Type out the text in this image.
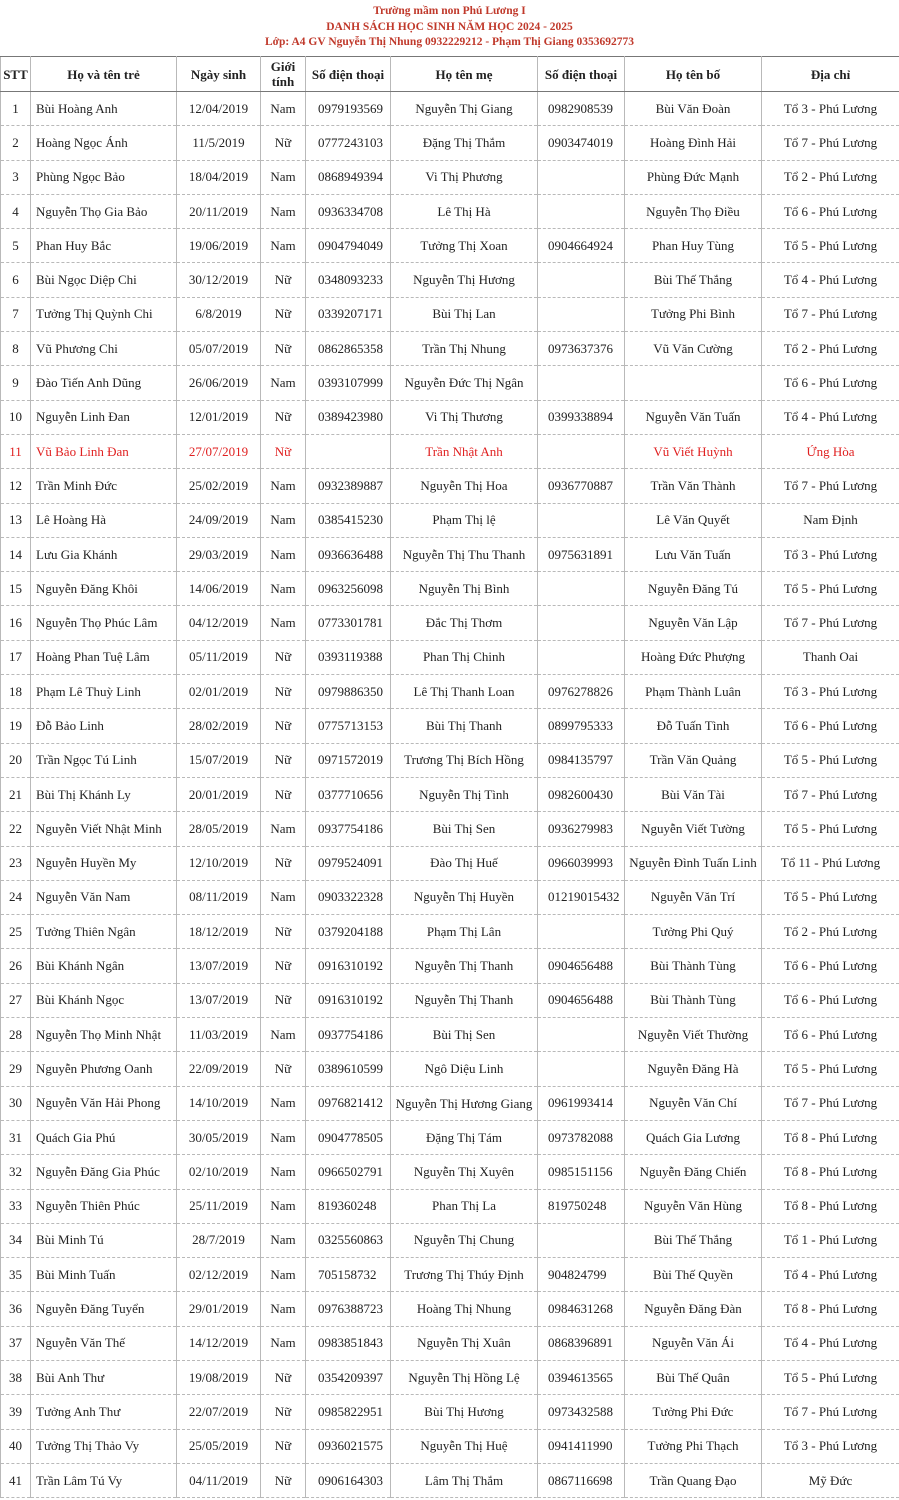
Trường mầm non Phú Lương I
DANH SÁCH HỌC SINH NĂM HỌC 2024 - 2025
Lớp: A4 GV Nguyễn Thị Nhung 0932229212 - Phạm Thị Giang 0353692773
STT	Họ và tên trẻ	Ngày sinh	Giới tính	Số điện thoại	Họ tên mẹ	Số điện thoại	Họ tên bố	Địa chỉ
1	Bùi Hoàng Anh	12/04/2019	Nam	0979193569	Nguyễn Thị Giang	0982908539	Bùi Văn Đoàn	Tổ 3 - Phú Lương
2	Hoàng Ngọc Ánh	11/5/2019	Nữ	0777243103	Đặng Thị Thắm	0903474019	Hoàng Đình Hải	Tổ 7 - Phú Lương
3	Phùng Ngọc Bảo	18/04/2019	Nam	0868949394	Vi Thị Phương		Phùng Đức Mạnh	Tổ 2 - Phú Lương
4	Nguyễn Thọ Gia Bảo	20/11/2019	Nam	0936334708	Lê Thị Hà		Nguyễn Thọ Điều	Tổ 6 - Phú Lương
5	Phan Huy Bắc	19/06/2019	Nam	0904794049	Tưởng Thị Xoan	0904664924	Phan Huy Tùng	Tổ 5 - Phú Lương
6	Bùi Ngọc Diệp Chi	30/12/2019	Nữ	0348093233	Nguyễn Thị Hương		Bùi Thế Thắng	Tổ 4 - Phú Lương
7	Tưởng Thị Quỳnh Chi	6/8/2019	Nữ	0339207171	Bùi Thị Lan		Tưởng Phi Bình	Tổ 7 - Phú Lương
8	Vũ Phương Chi	05/07/2019	Nữ	0862865358	Trần Thị Nhung	0973637376	Vũ Văn Cường	Tổ 2 - Phú Lương
9	Đào Tiến Anh Dũng	26/06/2019	Nam	0393107999	Nguyễn Đức Thị Ngân			Tổ 6 - Phú Lương
10	Nguyễn Linh Đan	12/01/2019	Nữ	0389423980	Vi Thị Thương	0399338894	Nguyễn Văn Tuấn	Tổ 4 - Phú Lương
11	Vũ Bảo Linh Đan	27/07/2019	Nữ		Trần Nhật Anh		Vũ Viết Huỳnh	Ứng Hòa
12	Trần Minh Đức	25/02/2019	Nam	0932389887	Nguyễn Thị Hoa	0936770887	Trần Văn Thành	Tổ 7 - Phú Lương
13	Lê Hoàng Hà	24/09/2019	Nam	0385415230	Phạm Thị lệ		Lê Văn Quyết	Nam Định
14	Lưu Gia Khánh	29/03/2019	Nam	0936636488	Nguyễn Thị Thu Thanh	0975631891	Lưu Văn Tuấn	Tổ 3 - Phú Lương
15	Nguyễn Đăng Khôi	14/06/2019	Nam	0963256098	Nguyễn Thị Bình		Nguyễn Đăng Tú	Tổ 5 - Phú Lương
16	Nguyễn Thọ Phúc Lâm	04/12/2019	Nam	0773301781	Đắc Thị Thơm		Nguyễn Văn Lập	Tổ 7 - Phú Lương
17	Hoàng Phan Tuệ Lâm	05/11/2019	Nữ	0393119388	Phan Thị Chinh		Hoàng Đức Phượng	Thanh Oai
18	Phạm Lê Thuỳ Linh	02/01/2019	Nữ	0979886350	Lê Thị Thanh Loan	0976278826	Phạm Thành Luân	Tổ 3 - Phú Lương
19	Đỗ Bảo Linh	28/02/2019	Nữ	0775713153	Bùi Thị Thanh	0899795333	Đỗ Tuấn Tình	Tổ 6 - Phú Lương
20	Trần Ngọc Tú Linh	15/07/2019	Nữ	0971572019	Trương Thị Bích Hồng	0984135797	Trần Văn Quảng	Tổ 5 - Phú Lương
21	Bùi Thị Khánh Ly	20/01/2019	Nữ	0377710656	Nguyễn Thị Tình	0982600430	Bùi Văn Tài	Tổ 7 - Phú Lương
22	Nguyễn Viết Nhật Minh	28/05/2019	Nam	0937754186	Bùi Thị Sen	0936279983	Nguyễn Viết Tường	Tổ 5 - Phú Lương
23	Nguyễn Huyền My	12/10/2019	Nữ	0979524091	Đào Thị Huế	0966039993	Nguyễn Đình Tuấn Linh	Tổ 11 - Phú Lương
24	Nguyễn Văn Nam	08/11/2019	Nam	0903322328	Nguyễn Thị Huyền	01219015432	Nguyễn Văn Trí	Tổ 5 - Phú Lương
25	Tưởng Thiên Ngân	18/12/2019	Nữ	0379204188	Phạm Thị Lân		Tưởng Phi Quý	Tổ 2 - Phú Lương
26	Bùi Khánh Ngân	13/07/2019	Nữ	0916310192	Nguyễn Thị Thanh	0904656488	Bùi Thành Tùng	Tổ 6 - Phú Lương
27	Bùi Khánh Ngọc	13/07/2019	Nữ	0916310192	Nguyễn Thị Thanh	0904656488	Bùi Thành Tùng	Tổ 6 - Phú Lương
28	Nguyễn Thọ Minh Nhật	11/03/2019	Nam	0937754186	Bùi Thị Sen		Nguyễn Viết Thường	Tổ 6 - Phú Lương
29	Nguyễn Phương Oanh	22/09/2019	Nữ	0389610599	Ngô Diệu Linh		Nguyễn Đăng Hà	Tổ 5 - Phú Lương
30	Nguyễn Văn Hải Phong	14/10/2019	Nam	0976821412	Nguyễn Thị Hương Giang	0961993414	Nguyễn Văn Chí	Tổ 7 - Phú Lương
31	Quách Gia Phú	30/05/2019	Nam	0904778505	Đặng Thị Tám	0973782088	Quách Gia Lương	Tổ 8 - Phú Lương
32	Nguyễn Đăng Gia Phúc	02/10/2019	Nam	0966502791	Nguyễn Thị Xuyên	0985151156	Nguyễn Đăng Chiến	Tổ 8 - Phú Lương
33	Nguyễn Thiên Phúc	25/11/2019	Nam	819360248	Phan Thị La	819750248	Nguyễn Văn Hùng	Tổ 8 - Phú Lương
34	Bùi Minh Tú	28/7/2019	Nam	0325560863	Nguyễn Thị Chung		Bùi Thế Thắng	Tổ 1 - Phú Lương
35	Bùi Minh Tuấn	02/12/2019	Nam	705158732	Trương Thị Thúy Định	904824799	Bùi Thế Quyền	Tổ 4 - Phú Lương
36	Nguyễn Đăng Tuyển	29/01/2019	Nam	0976388723	Hoàng Thị Nhung	0984631268	Nguyễn Đăng Đàn	Tổ 8 - Phú Lương
37	Nguyễn Văn Thế	14/12/2019	Nam	0983851843	Nguyễn Thị Xuân	0868396891	Nguyễn Văn Ái	Tổ 4 - Phú Lương
38	Bùi Anh Thư	19/08/2019	Nữ	0354209397	Nguyễn Thị Hồng Lệ	0394613565	Bùi Thế Quân	Tổ 5 - Phú Lương
39	Tưởng Anh Thư	22/07/2019	Nữ	0985822951	Bùi Thị Hương	0973432588	Tưởng Phi Đức	Tổ 7 - Phú Lương
40	Tưởng Thị Thảo Vy	25/05/2019	Nữ	0936021575	Nguyễn Thị Huệ	0941411990	Tưởng Phi Thạch	Tổ 3 - Phú Lương
41	Trần Lâm Tú Vy	04/11/2019	Nữ	0906164303	Lâm Thị Thắm	0867116698	Trần Quang Đạo	Mỹ Đức
